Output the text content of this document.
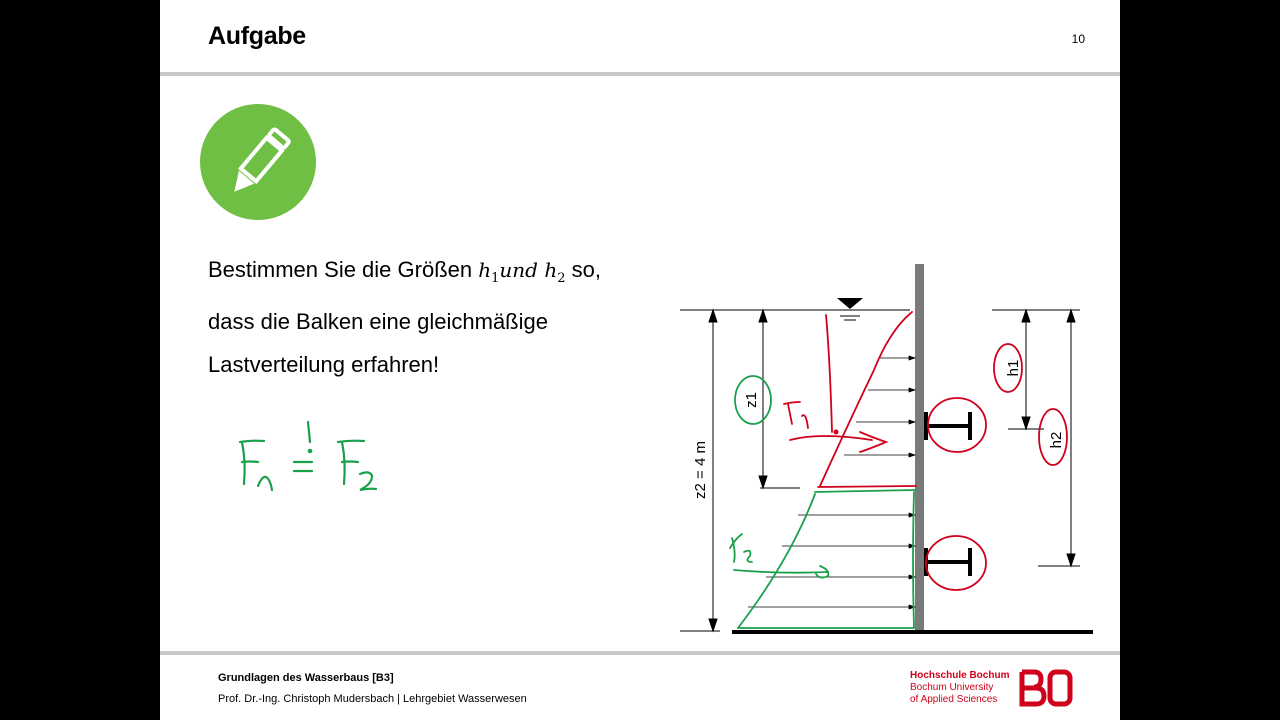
Aufgabe	10
Bestimmen Sie die Größen $h_1und$ $h_2$ so,
dass die Balken eine gleichmäßige
Lastverteilung erfahren!
z2 = 4 m
z1
h1
h2
Grundlagen des Wasserbaus [B3]
Prof. Dr.-Ing. Christoph Mudersbach | Lehrgebiet Wasserwesen
Hochschule Bochum
Bochum University
of Applied Sciences
